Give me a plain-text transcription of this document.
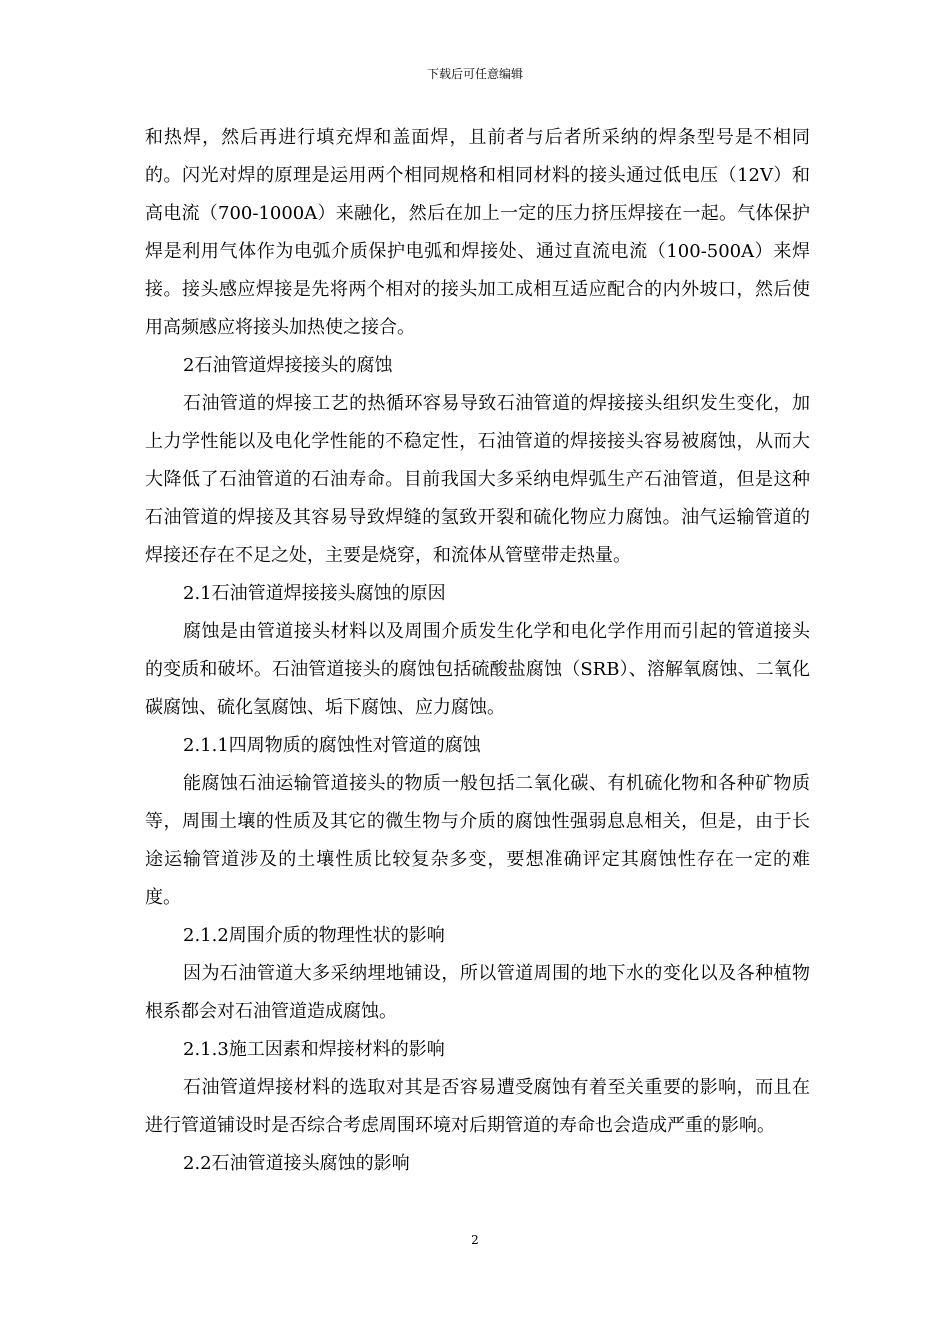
下载后可任意编辑

和热焊，然后再进行填充焊和盖面焊，且前者与后者所采纳的焊条型号是不相同的。闪光对焊的原理是运用两个相同规格和相同材料的接头通过低电压（12V）和高电流（700-1000A）来融化，然后在加上一定的压力挤压焊接在一起。气体保护焊是利用气体作为电弧介质保护电弧和焊接处、通过直流电流（100-500A）来焊接。接头感应焊接是先将两个相对的接头加工成相互适应配合的内外坡口，然后使用高频感应将接头加热使之接合。

2石油管道焊接接头的腐蚀

石油管道的焊接工艺的热循环容易导致石油管道的焊接接头组织发生变化，加上力学性能以及电化学性能的不稳定性，石油管道的焊接接头容易被腐蚀，从而大大降低了石油管道的石油寿命。目前我国大多采纳电焊弧生产石油管道，但是这种石油管道的焊接及其容易导致焊缝的氢致开裂和硫化物应力腐蚀。油气运输管道的焊接还存在不足之处，主要是烧穿，和流体从管壁带走热量。

2.1石油管道焊接接头腐蚀的原因

腐蚀是由管道接头材料以及周围介质发生化学和电化学作用而引起的管道接头的变质和破坏。石油管道接头的腐蚀包括硫酸盐腐蚀（SRB）、溶解氧腐蚀、二氧化碳腐蚀、硫化氢腐蚀、垢下腐蚀、应力腐蚀。

2.1.1四周物质的腐蚀性对管道的腐蚀

能腐蚀石油运输管道接头的物质一般包括二氧化碳、有机硫化物和各种矿物质等，周围土壤的性质及其它的微生物与介质的腐蚀性强弱息息相关，但是，由于长途运输管道涉及的土壤性质比较复杂多变，要想准确评定其腐蚀性存在一定的难度。

2.1.2周围介质的物理性状的影响

因为石油管道大多采纳埋地铺设，所以管道周围的地下水的变化以及各种植物根系都会对石油管道造成腐蚀。

2.1.3施工因素和焊接材料的影响

石油管道焊接材料的选取对其是否容易遭受腐蚀有着至关重要的影响，而且在进行管道铺设时是否综合考虑周围环境对后期管道的寿命也会造成严重的影响。

2.2石油管道接头腐蚀的影响

2
